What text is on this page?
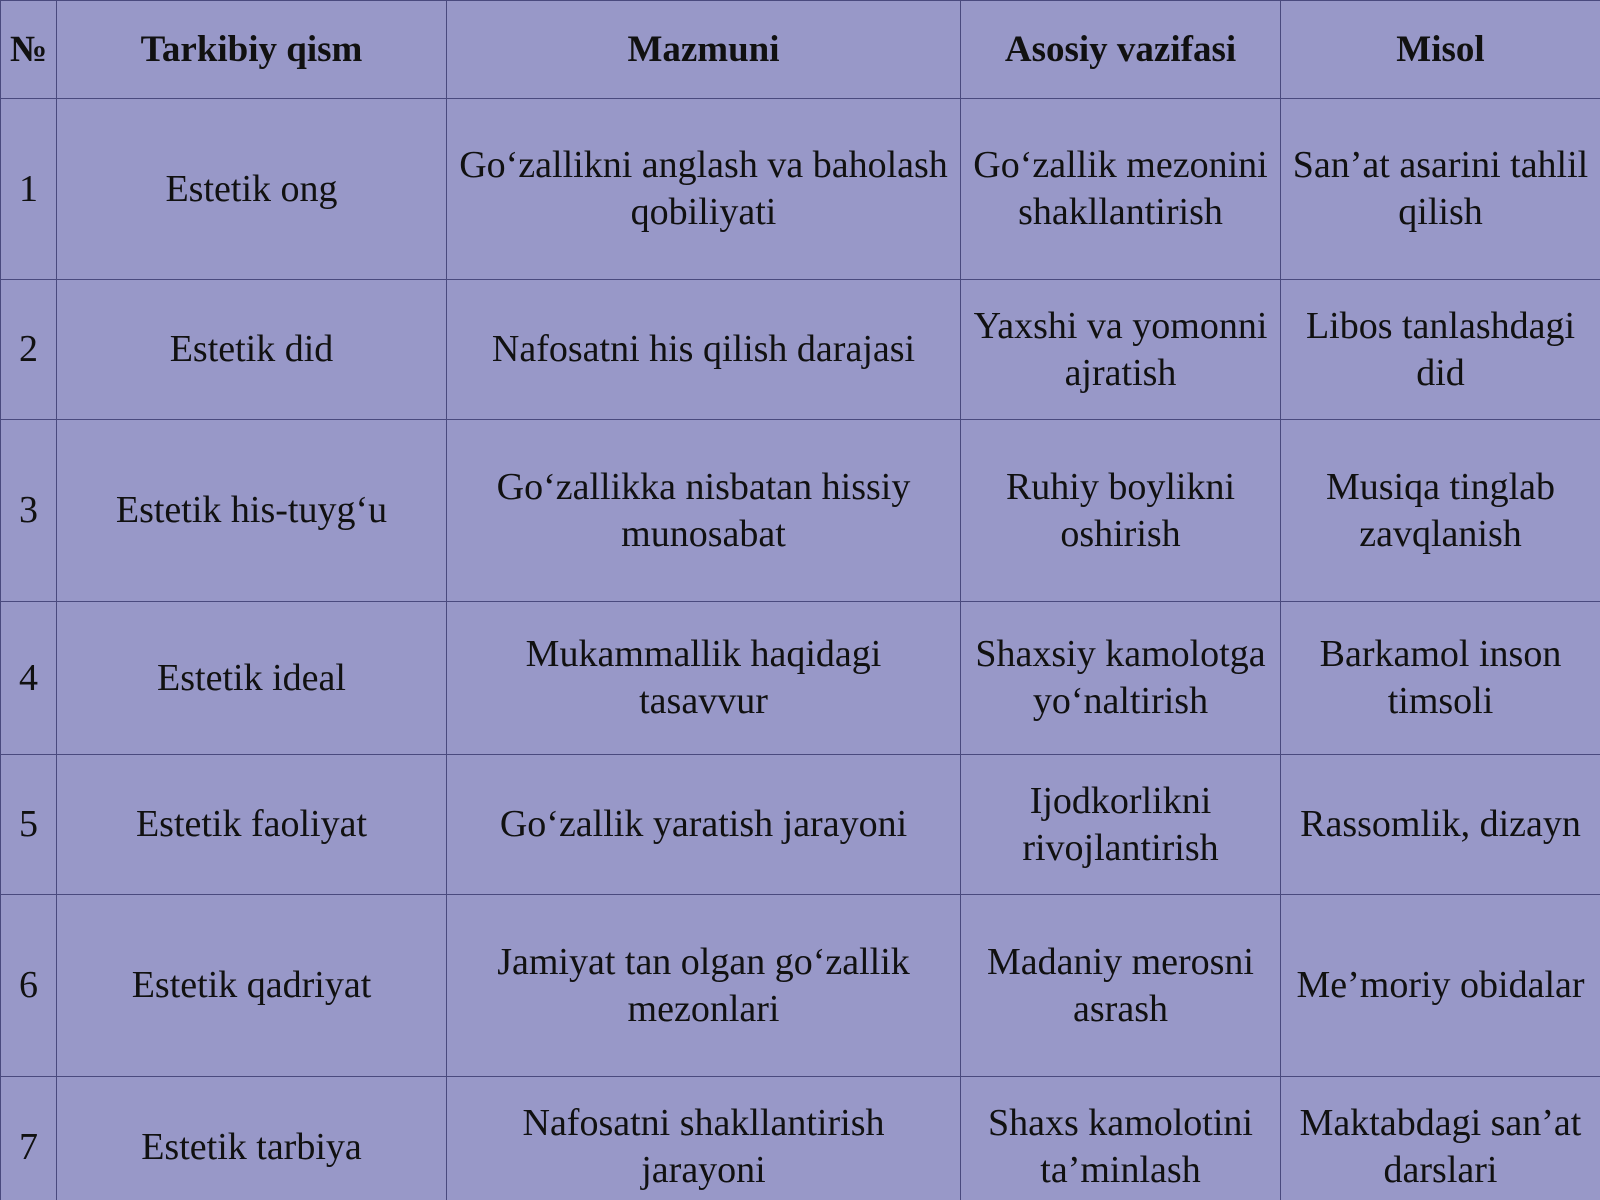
№	Tarkibiy qism	Mazmuni	Asosiy vazifasi	Misol
1	Estetik ong	Go‘zallikni anglash va baholash qobiliyati	Go‘zallik mezonini shakllantirish	San’at asarini tahlil qilish
2	Estetik did	Nafosatni his qilish darajasi	Yaxshi va yomonni ajratish	Libos tanlashdagi did
3	Estetik his-tuyg‘u	Go‘zallikka nisbatan hissiy munosabat	Ruhiy boylikni oshirish	Musiqa tinglab zavqlanish
4	Estetik ideal	Mukammallik haqidagi tasavvur	Shaxsiy kamolotga yo‘naltirish	Barkamol inson timsoli
5	Estetik faoliyat	Go‘zallik yaratish jarayoni	Ijodkorlikni rivojlantirish	Rassomlik, dizayn
6	Estetik qadriyat	Jamiyat tan olgan go‘zallik mezonlari	Madaniy merosni asrash	Me’moriy obidalar
7	Estetik tarbiya	Nafosatni shakllantirish jarayoni	Shaxs kamolotini ta’minlash	Maktabdagi san’at darslari
